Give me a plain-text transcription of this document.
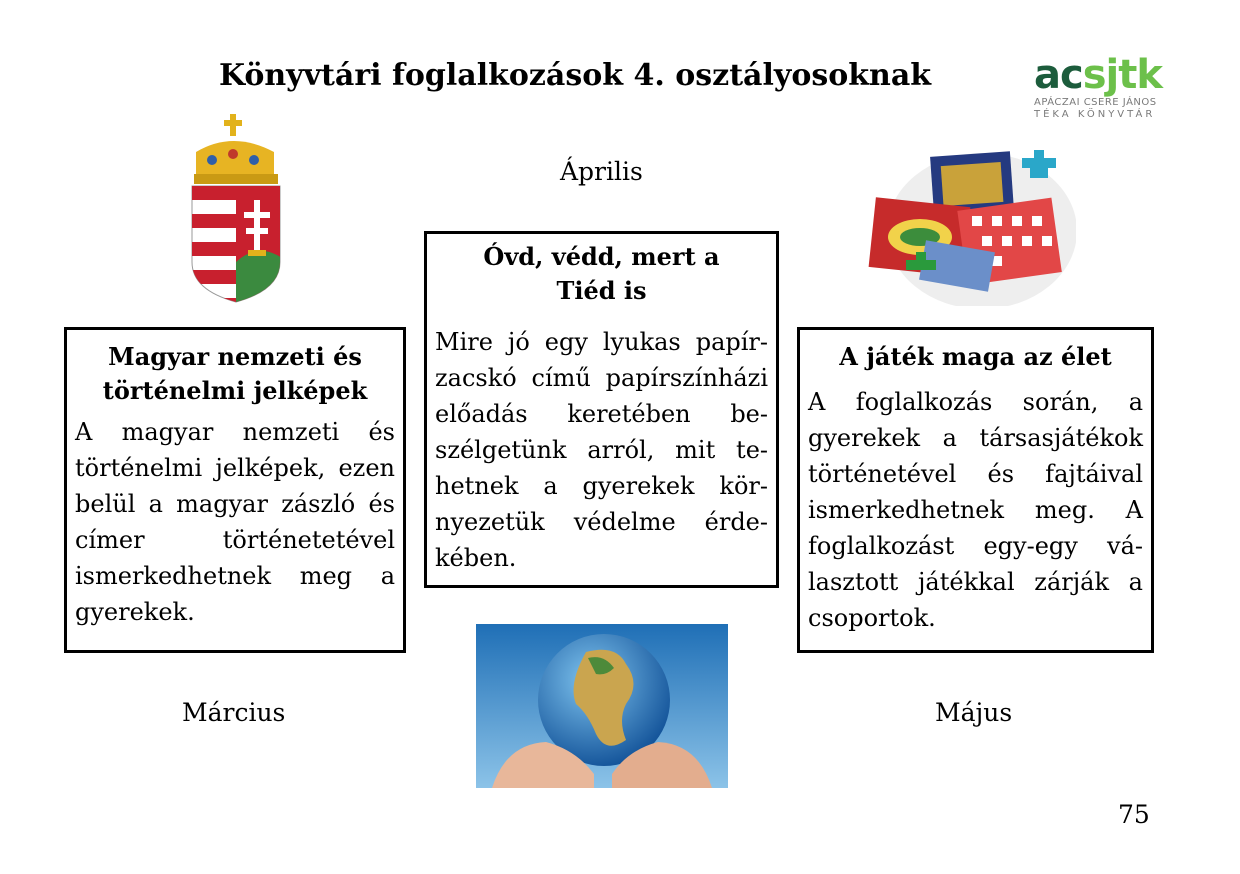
Könyvtári foglalkozások 4. osztályosoknak	acsjtk
APÁCZAI CSERE JÁNOS
TÉKA KÖNYVTÁR
Április
Március	Május
Magyar nemzeti és történelmi jelképek
A magyar nemzeti és történelmi jelképek, ezen belül a magyar zászló és címer történetetével ismerkedhetnek meg a gyerekek.
Óvd, védd, mert a Tiéd is
Mire jó egy lyukas papírzacskó című papírszínházi előadás keretében beszélgetünk arról, mit tehetnek a gyerekek környezetük védelme érdekében.
A játék maga az élet
A foglalkozás során, a gyerekek a társasjátékok történetével és fajtáival ismerkedhetnek meg. A foglalkozást egy-egy választott játékkal zárják a csoportok.
75
